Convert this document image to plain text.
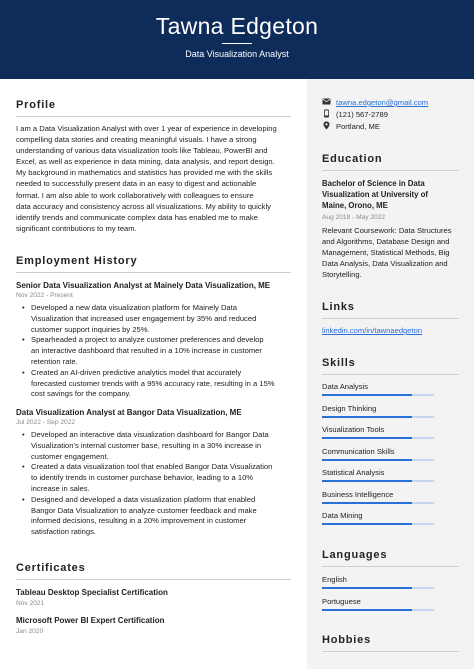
Tawna Edgeton
Data Visualization Analyst
Profile
I am a Data Visualization Analyst with over 1 year of experience in developing
compelling data stories and creating meaningful visuals. I have a strong
understanding of various data visualization tools like Tableau, PowerBI and
Excel, as well as experience in data mining, data analysis, and report design.
My background in mathematics and statistics has provided me with the skills
needed to successfully present data in an easy to digest and actionable
format. I am also able to work collaboratively with colleagues to ensure
data accuracy and consistency across all visualizations. My ability to quickly
identify trends and communicate complex data has enabled me to make
significant contributions to my team.
Employment History
Senior Data Visualization Analyst at Mainely Data Visualization, ME
Nov 2022 - Present
• Developed a new data visualization platform for Mainely Data
Visualization that increased user engagement by 35% and reduced
customer support inquiries by 25%.
• Spearheaded a project to analyze customer preferences and develop
an interactive dashboard that resulted in a 10% increase in customer
retention rate.
• Created an AI-driven predictive analytics model that accurately
forecasted customer trends with a 95% accuracy rate, resulting in a 15%
cost savings for the company.
Data Visualization Analyst at Bangor Data Visualization, ME
Jul 2022 - Sep 2022
• Developed an interactive data visualization dashboard for Bangor Data
Visualization's internal customer base, resulting in a 30% increase in
customer engagement.
• Created a data visualization tool that enabled Bangor Data Visualization
to identify trends in customer purchase behavior, leading to a 10%
increase in sales.
• Designed and developed a data visualization platform that enabled
Bangor Data Visualization to analyze customer feedback and make
informed decisions, resulting in a 20% improvement in customer
satisfaction ratings.
Certificates
Tableau Desktop Specialist Certification
Nov 2021
Microsoft Power BI Expert Certification
Jan 2020
tawna.edgeton@gmail.com
(121) 567-2789
Portland, ME
Education
Bachelor of Science in Data
Visualization at University of
Maine, Orono, ME
Aug 2018 - May 2022
Relevant Coursework: Data Structures
and Algorithms, Database Design and
Management, Statistical Methods, Big
Data Analysis, Data Visualization and
Storytelling.
Links
linkedin.com/in/tawnaedgeton
Skills
Data Analysis
Design Thinking
Visualization Tools
Communication Skills
Statistical Analysis
Business Intelligence
Data Mining
Languages
English
Portuguese
Hobbies
